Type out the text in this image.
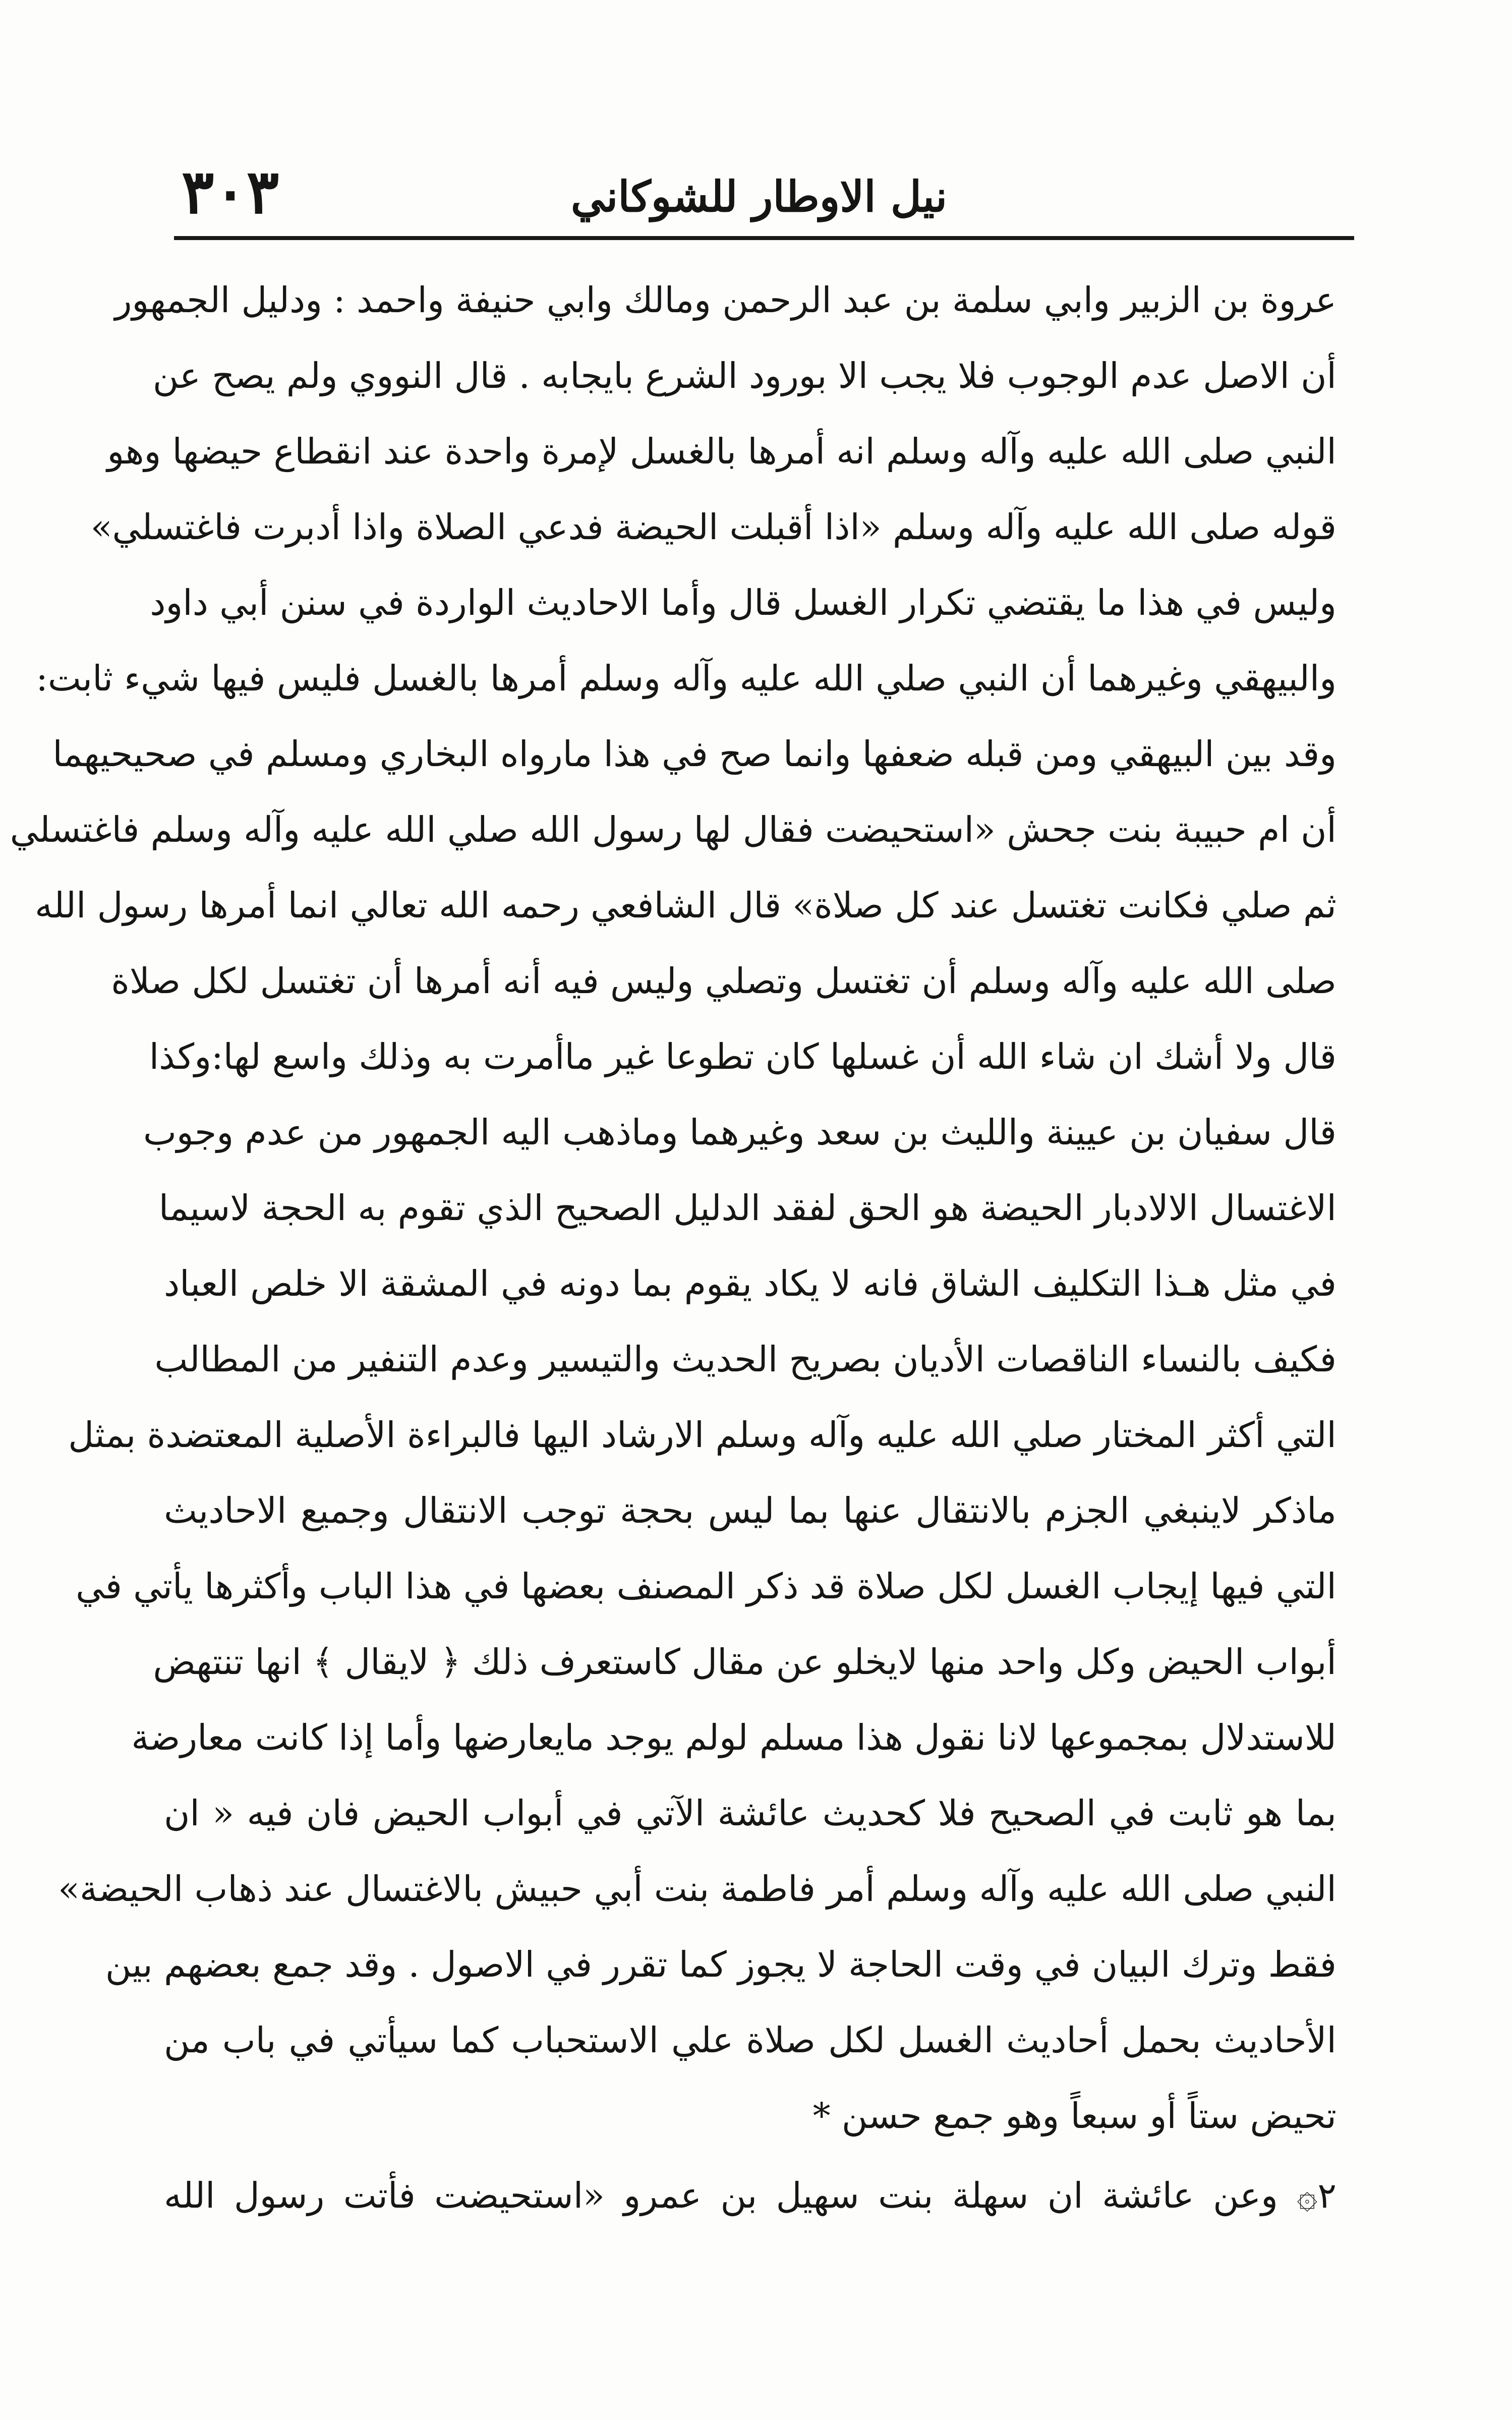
نيل الاوطار للشوكاني
٣٠٣
عروة بن الزبير وابي سلمة بن عبد الرحمن ومالك وابي حنيفة واحمد : ودليل الجمهور
أن الاصل عدم الوجوب فلا يجب الا بورود الشرع بايجابه . قال النووي ولم يصح عن
النبي صلى الله عليه وآله وسلم انه أمرها بالغسل لإمرة واحدة عند انقطاع حيضها وهو
قوله صلى الله عليه وآله وسلم «اذا أقبلت الحيضة فدعي الصلاة واذا أدبرت فاغتسلي»
وليس في هذا ما يقتضي تكرار الغسل قال وأما الاحاديث الواردة في سنن أبي داود
والبيهقي وغيرهما أن النبي صلي الله عليه وآله وسلم أمرها بالغسل فليس فيها شيء ثابت:
وقد بين البيهقي ومن قبله ضعفها وانما صح في هذا مارواه البخاري ومسلم في صحيحيهما
أن ام حبيبة بنت جحش «استحيضت فقال لها رسول الله صلي الله عليه وآله وسلم فاغتسلي
ثم صلي فكانت تغتسل عند كل صلاة» قال الشافعي رحمه الله تعالي انما أمرها رسول الله
صلى الله عليه وآله وسلم أن تغتسل وتصلي وليس فيه أنه أمرها أن تغتسل لكل صلاة
قال ولا أشك ان شاء الله أن غسلها كان تطوعا غير ماأمرت به وذلك واسع لها:وكذا
قال سفيان بن عيينة والليث بن سعد وغيرهما وماذهب اليه الجمهور من عدم وجوب
الاغتسال الالادبار الحيضة هو الحق لفقد الدليل الصحيح الذي تقوم به الحجة لاسيما
في مثل هـذا التكليف الشاق فانه لا يكاد يقوم بما دونه في المشقة الا خلص العباد
فكيف بالنساء الناقصات الأديان بصريح الحديث والتيسير وعدم التنفير من المطالب
التي أكثر المختار صلي الله عليه وآله وسلم الارشاد اليها فالبراءة الأصلية المعتضدة بمثل
ماذكر لاينبغي الجزم بالانتقال عنها بما ليس بحجة توجب الانتقال وجميع الاحاديث
التي فيها إيجاب الغسل لكل صلاة قد ذكر المصنف بعضها في هذا الباب وأكثرها يأتي في
أبواب الحيض وكل واحد منها لايخلو عن مقال كاستعرف ذلك ﴿ لايقال ﴾ انها تنتهض
للاستدلال بمجموعها لانا نقول هذا مسلم لولم يوجد مايعارضها وأما إذا كانت معارضة
بما هو ثابت في الصحيح فلا كحديث عائشة الآتي في أبواب الحيض فان فيه « ان
النبي صلى الله عليه وآله وسلم أمر فاطمة بنت أبي حبيش بالاغتسال عند ذهاب الحيضة»
فقط وترك البيان في وقت الحاجة لا يجوز كما تقرر في الاصول . وقد جمع بعضهم بين
الأحاديث بحمل أحاديث الغسل لكل صلاة علي الاستحباب كما سيأتي في باب من
تحيض ستاً أو سبعاً وهو جمع حسن *
٢۞ وعن عائشة ان سهلة بنت سهيل بن عمرو «استحيضت فأتت رسول الله
